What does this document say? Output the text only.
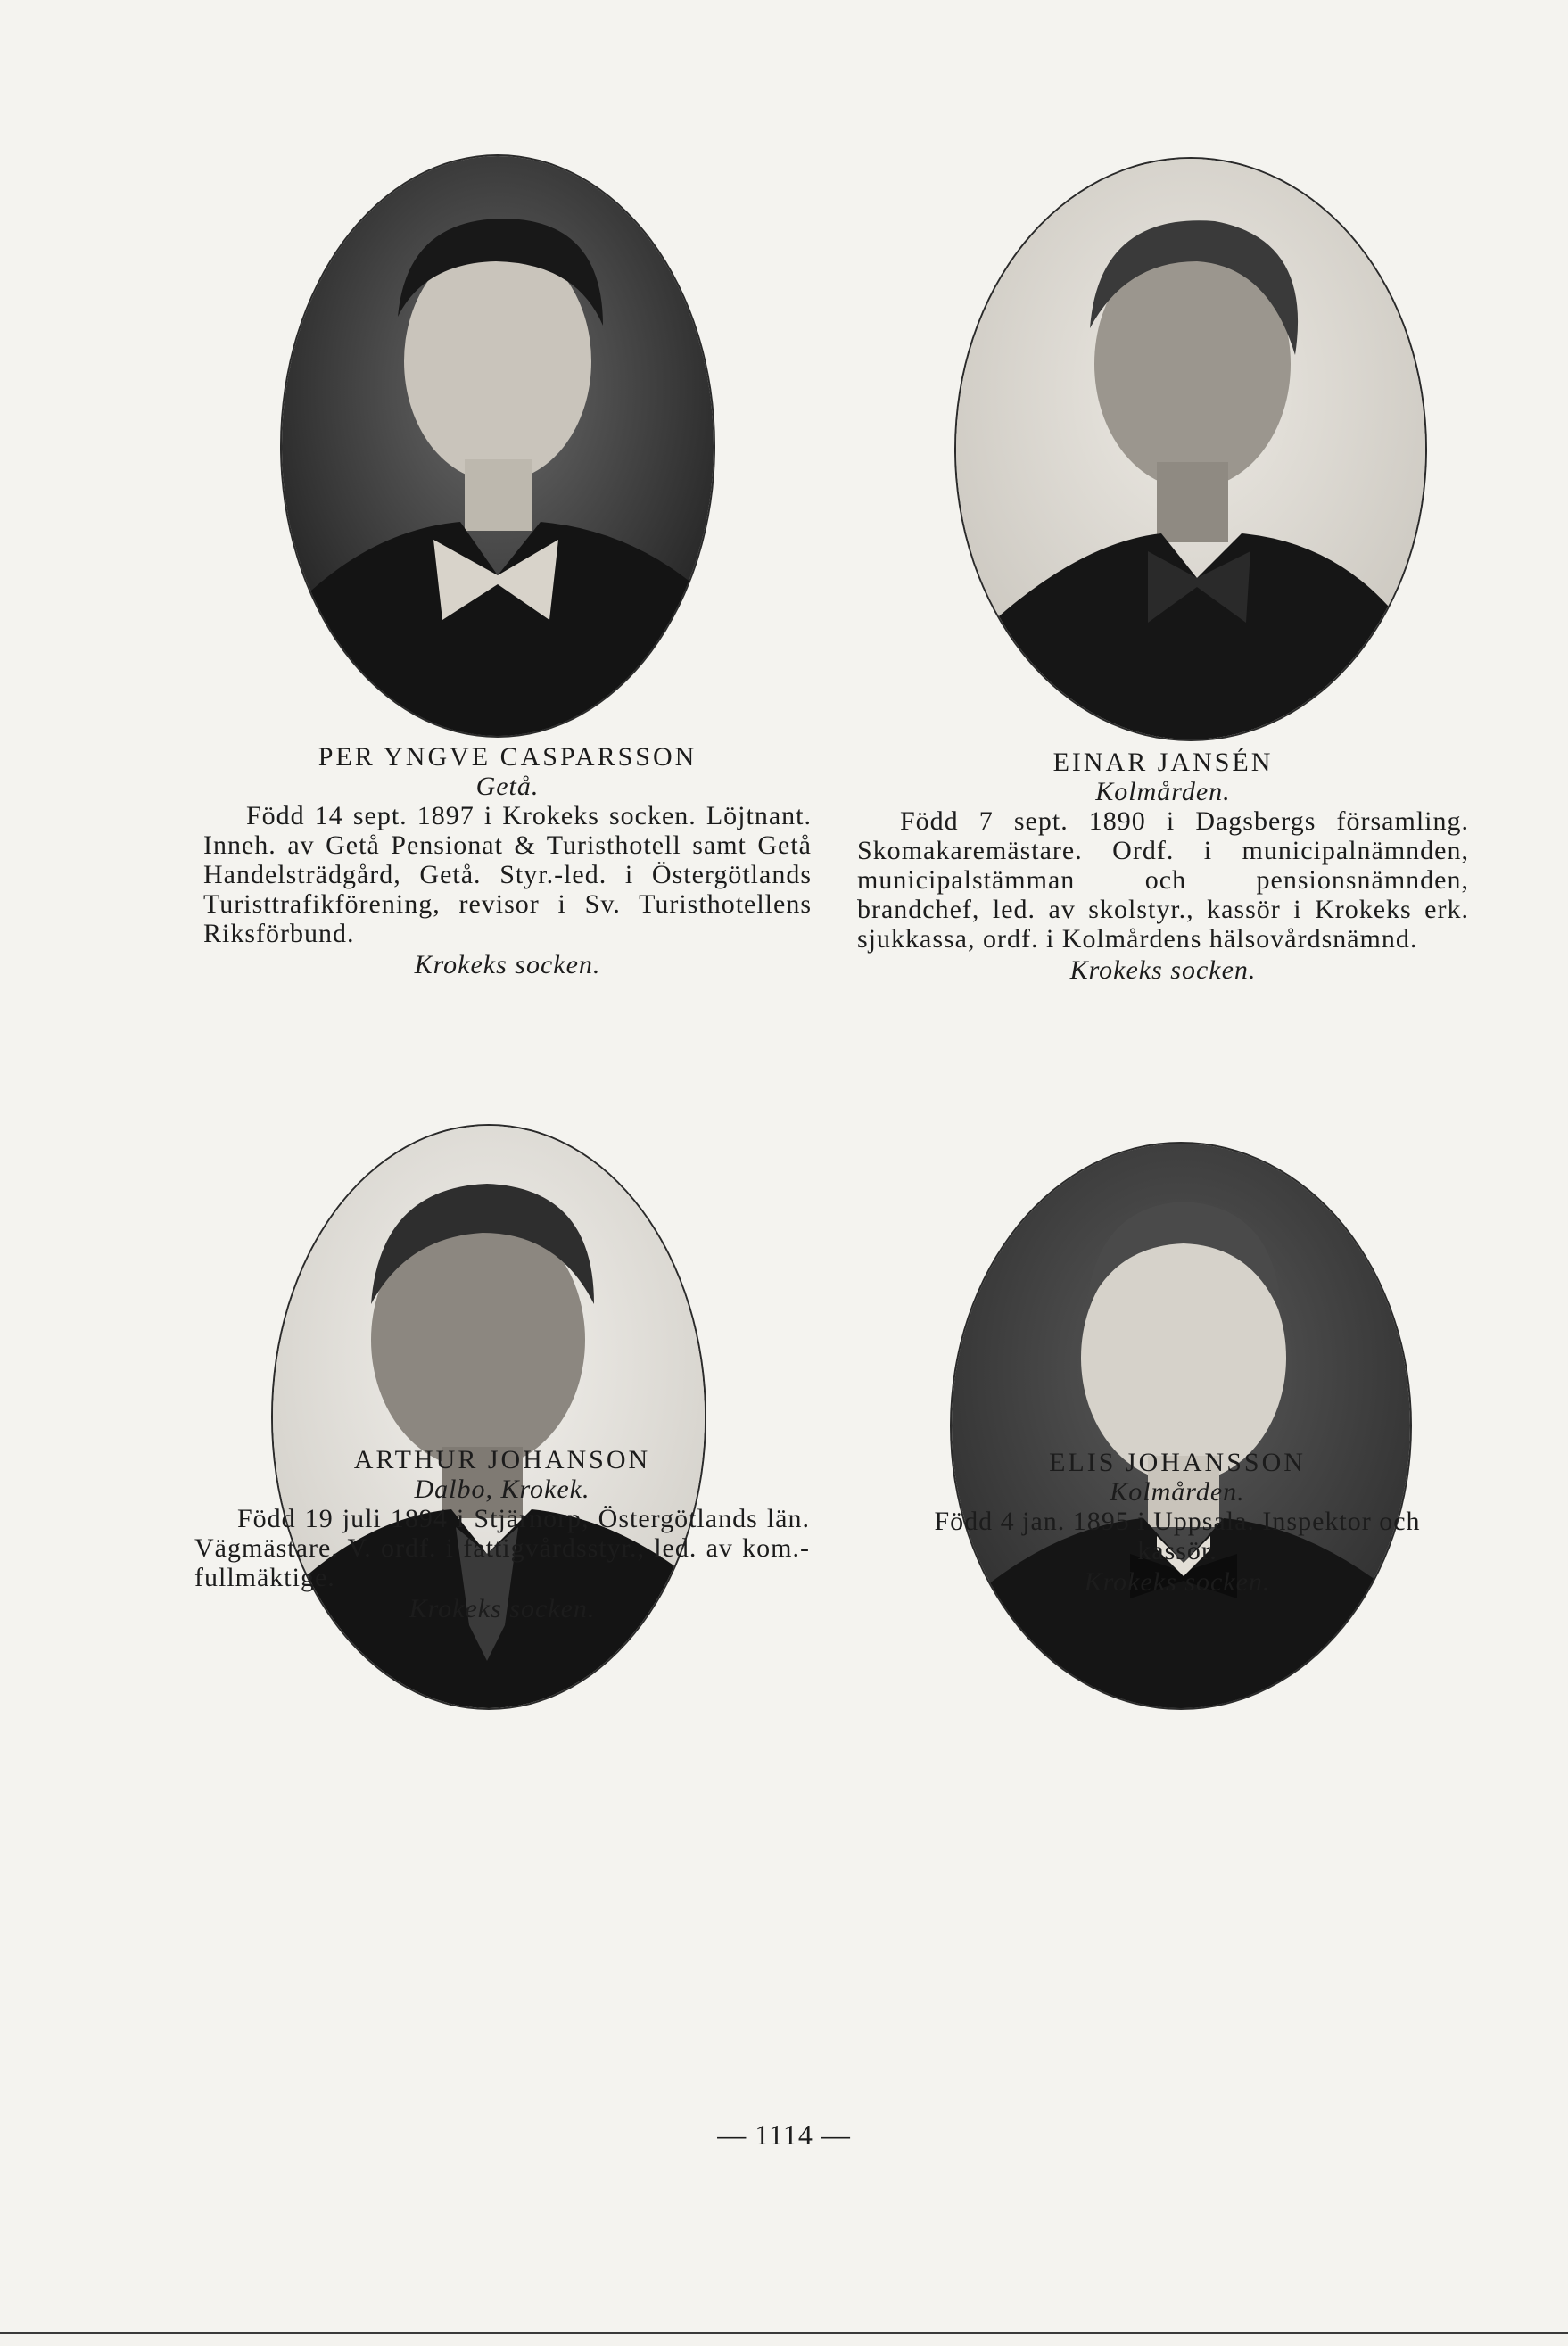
PER YNGVE CASPARSSON
Getå.
Född 14 sept. 1897 i Krokeks socken. Löjtnant. Inneh. av Getå Pensionat & Turisthotell samt Getå Handelsträdgård, Getå. Styr.-led. i Östergötlands Turisttrafikförening, revisor i Sv. Turisthotellens Riksförbund.
Krokeks socken.
EINAR JANSÉN
Kolmården.
Född 7 sept. 1890 i Dagsbergs församling. Skomakaremästare. Ordf. i municipalnämnden, municipalstämman och pensionsnämnden, brandchef, led. av skolstyr., kassör i Krokeks erk. sjukkassa, ordf. i Kolmårdens hälsovårdsnämnd.
Krokeks socken.
ARTHUR JOHANSON
Dalbo, Krokek.
Född 19 juli 1894 i Stjärnorp, Östergötlands län. Vägmästare. V. ordf. i fattigvårdsstyr., led. av kom.-fullmäktige.
Krokeks socken.
ELIS JOHANSSON
Kolmården.
Född 4 jan. 1895 i Uppsala. Inspektor och kassör.
Krokeks socken.
— 1114 —
